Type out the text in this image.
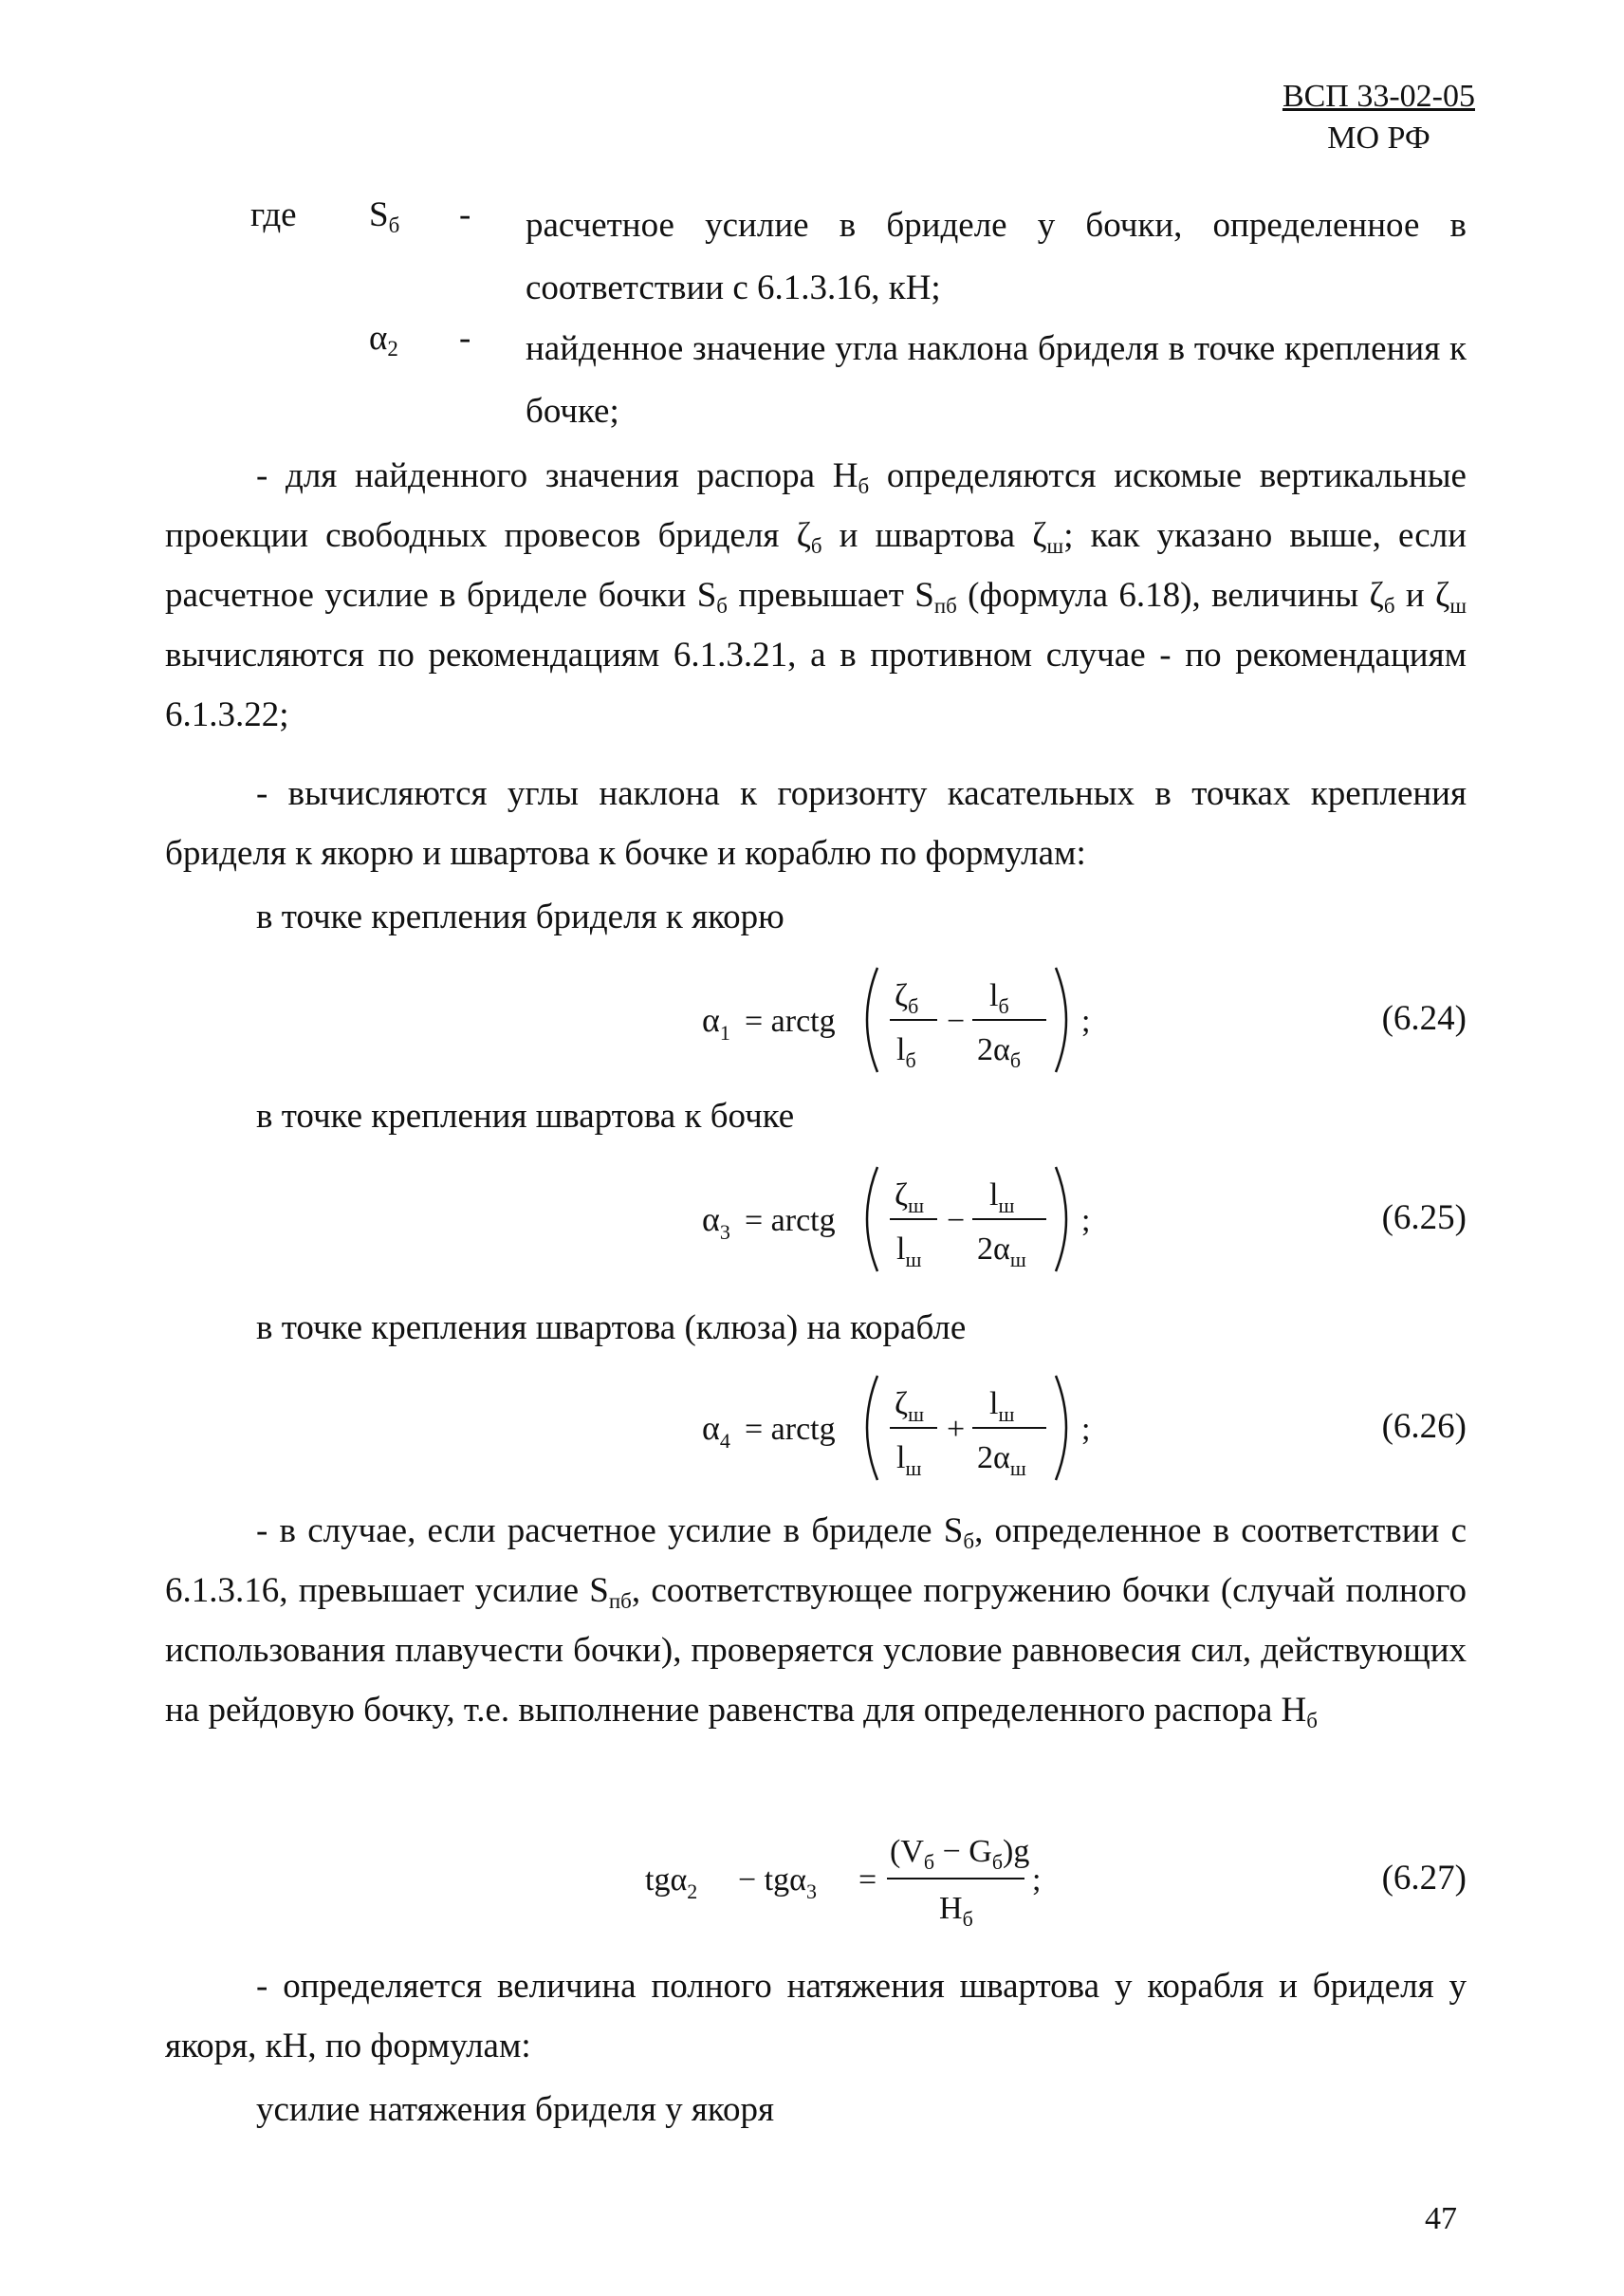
ВСП 33-02-05
МО РФ
где $S_б$ - расчетное усилие в бриделе у бочки, определенное в соответствии с 6.1.3.16, кН;
$\alpha_2$ - найденное значение угла наклона бриделя в точке крепления к бочке;
- для найденного значения распора $H_б$ определяются искомые вертикальные проекции свободных провесов бриделя $\zeta_б$ и швартова $\zeta_ш$; как указано выше, если расчетное усилие в бриделе бочки $S_б$ превышает $S_{пб}$ (формула 6.18), величины $\zeta_б$ и $\zeta_ш$ вычисляются по рекомендациям 6.1.3.21, а в противном случае - по рекомендациям 6.1.3.22;
- вычисляются углы наклона к горизонту касательных в точках крепления бриделя к якорю и швартова к бочке и кораблю по формулам:
в точке крепления бриделя к якорю
$\alpha_1$ = arctg
$\zeta_б$
$l_б$
−
$l_б$
$2\alpha_б$
;	(6.24)
в точке крепления швартова к бочке
$\alpha_3$ = arctg
$\zeta_ш$
$l_ш$
−
$l_ш$
$2\alpha_ш$
;	(6.25)
в точке крепления швартова (клюза) на корабле
$\alpha_4$ = arctg
$\zeta_ш$
$l_ш$
+
$l_ш$
$2\alpha_ш$
;	(6.26)
- в случае, если расчетное усилие в бриделе $S_б$, определенное в соответствии с 6.1.3.16, превышает усилие $S_{пб}$, соответствующее погружению бочки (случай полного использования плавучести бочки), проверяется условие равновесия сил, действующих на рейдовую бочку, т.е. выполнение равенства для определенного распора $H_б$
tgα$_2$ − tgα$_3$ =
$(V_б - G_б)g$
$H_б$
;	(6.27)
- определяется величина полного натяжения швартова у корабля и бриделя у якоря, кН, по формулам:
усилие натяжения бриделя у якоря
47
